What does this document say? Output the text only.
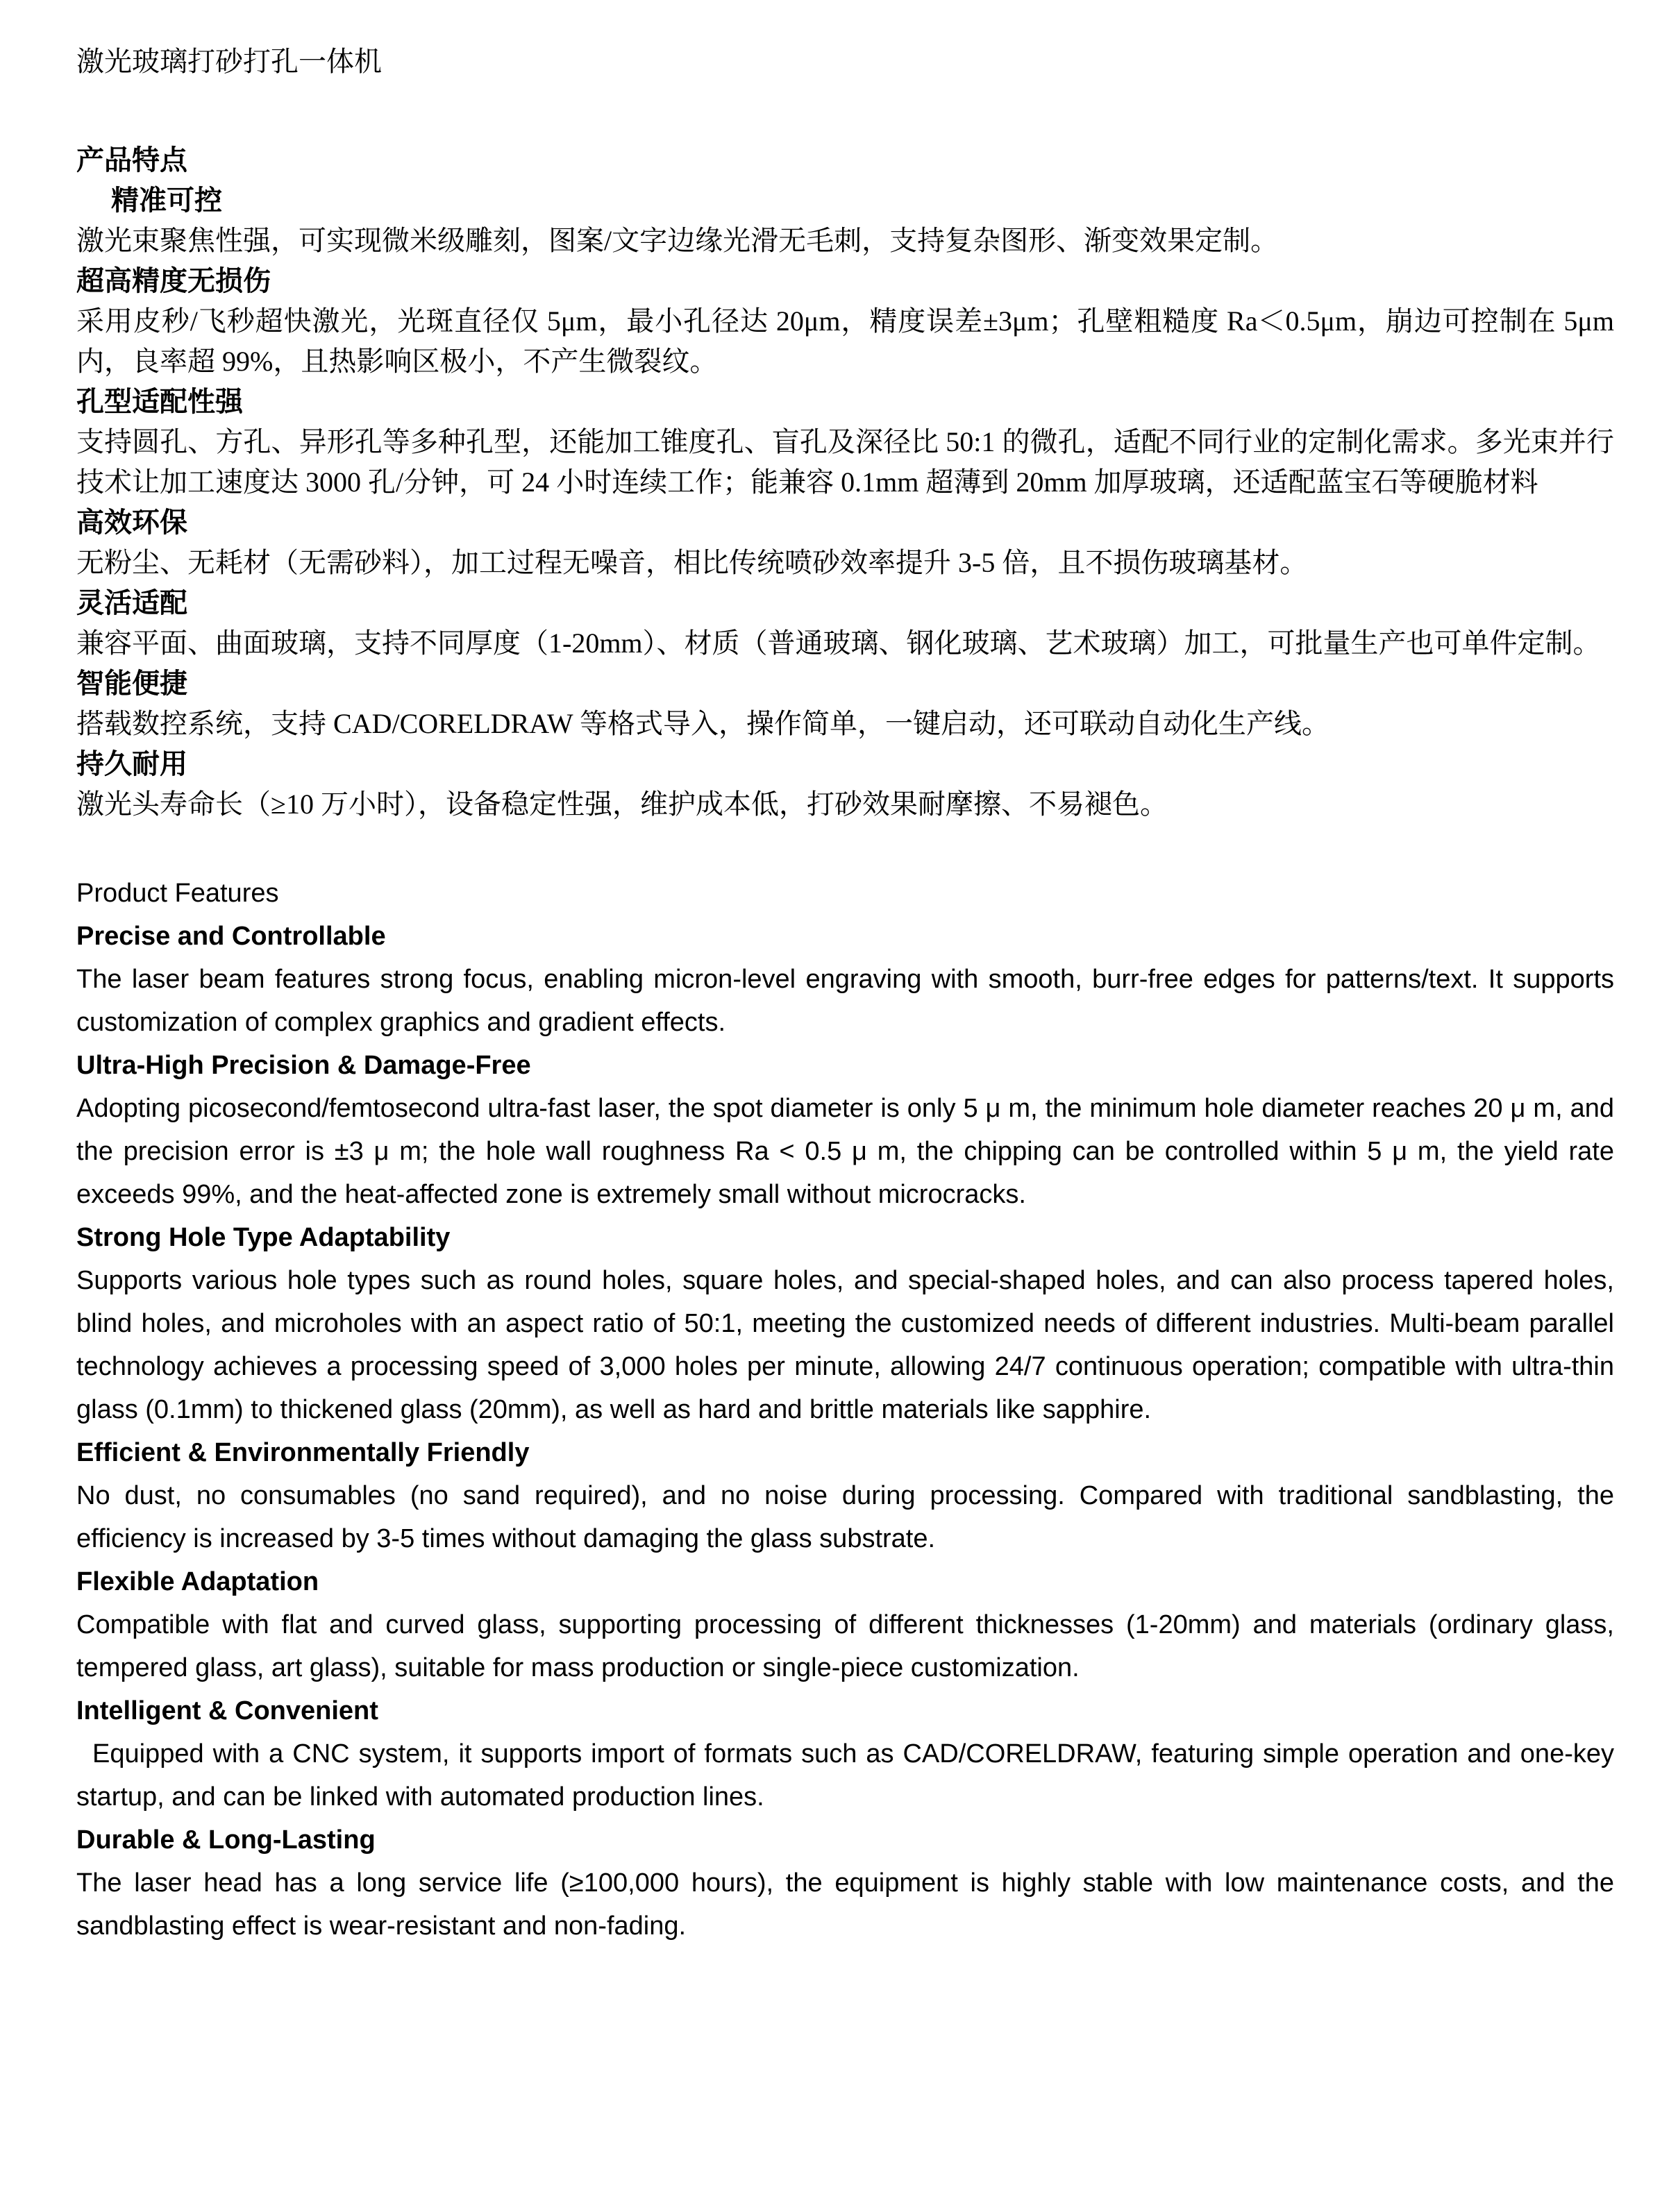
激光玻璃打砂打孔一体机
产品特点
精准可控

激光束聚焦性强，可实现微米级雕刻，图案/文字边缘光滑无毛刺，支持复杂图形、渐变效果定制。

超高精度无损伤

采用皮秒/飞秒超快激光，光斑直径仅 5μm，最小孔径达 20μm，精度误差±3μm；孔壁粗糙度 Ra＜0.5μm，崩边可控制在 5μm 内，良率超 99%，且热影响区极小，不产生微裂纹。

孔型适配性强

支持圆孔、方孔、异形孔等多种孔型，还能加工锥度孔、盲孔及深径比 50:1 的微孔，适配不同行业的定制化需求。多光束并行技术让加工速度达 3000 孔/分钟，可 24 小时连续工作；能兼容 0.1mm 超薄到 20mm 加厚玻璃，还适配蓝宝石等硬脆材料

高效环保

无粉尘、无耗材（无需砂料），加工过程无噪音，相比传统喷砂效率提升 3-5 倍，且不损伤玻璃基材。

灵活适配

兼容平面、曲面玻璃，支持不同厚度（1-20mm）、材质（普通玻璃、钢化玻璃、艺术玻璃）加工，可批量生产也可单件定制。

智能便捷

搭载数控系统，支持 CAD/CORELDRAW 等格式导入，操作简单，一键启动，还可联动自动化生产线。

持久耐用

激光头寿命长（≥10 万小时），设备稳定性强，维护成本低，打砂效果耐摩擦、不易褪色。

Product Features
Precise and Controllable

The laser beam features strong focus, enabling micron-level engraving with smooth, burr-free edges for patterns/text. It supports customization of complex graphics and gradient effects.

Ultra-High Precision & Damage-Free

Adopting picosecond/femtosecond ultra-fast laser, the spot diameter is only 5 μ m, the minimum hole diameter reaches 20 μ m, and the precision error is ±3 μ m; the hole wall roughness Ra < 0.5 μ m, the chipping can be controlled within 5 μ m, the yield rate exceeds 99%, and the heat-affected zone is extremely small without microcracks.

Strong Hole Type Adaptability

Supports various hole types such as round holes, square holes, and special-shaped holes, and can also process tapered holes, blind holes, and microholes with an aspect ratio of 50:1, meeting the customized needs of different industries. Multi-beam parallel technology achieves a processing speed of 3,000 holes per minute, allowing 24/7 continuous operation; compatible with ultra-thin glass (0.1mm) to thickened glass (20mm), as well as hard and brittle materials like sapphire.

Efficient & Environmentally Friendly

No dust, no consumables (no sand required), and no noise during processing. Compared with traditional sandblasting, the efficiency is increased by 3-5 times without damaging the glass substrate.

Flexible Adaptation

Compatible with flat and curved glass, supporting processing of different thicknesses (1-20mm) and materials (ordinary glass, tempered glass, art glass), suitable for mass production or single-piece customization.

Intelligent & Convenient

Equipped with a CNC system, it supports import of formats such as CAD/CORELDRAW, featuring simple operation and one-key startup, and can be linked with automated production lines.

Durable & Long-Lasting

The laser head has a long service life (≥100,000 hours), the equipment is highly stable with low maintenance costs, and the sandblasting effect is wear-resistant and non-fading.
